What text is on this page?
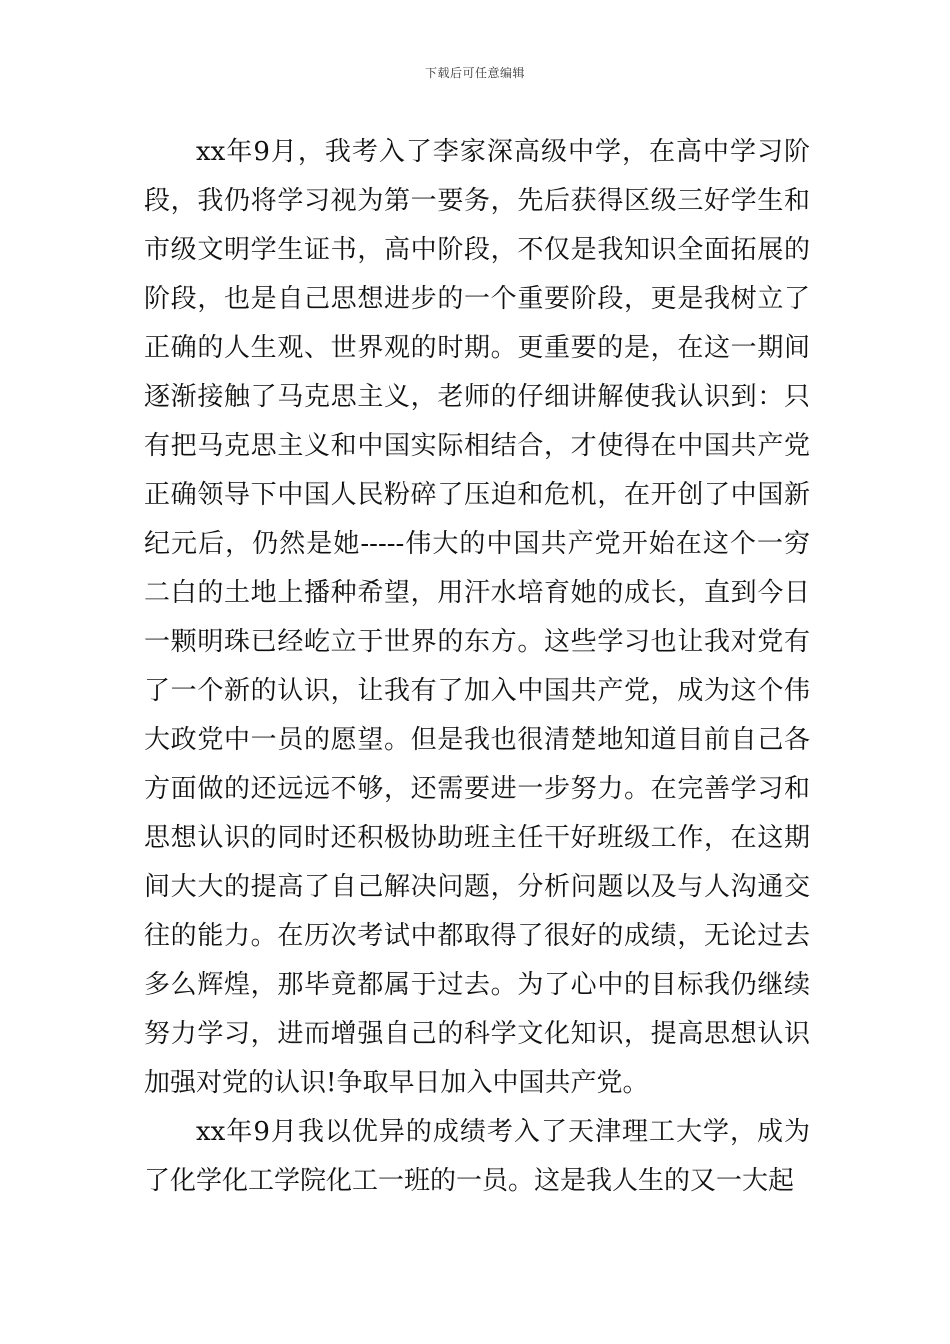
下载后可任意编辑

xx年9月，我考入了李家深高级中学，在高中学习阶段，我仍将学习视为第一要务，先后获得区级三好学生和市级文明学生证书，高中阶段，不仅是我知识全面拓展的阶段，也是自己思想进步的一个重要阶段，更是我树立了正确的人生观、世界观的时期。更重要的是，在这一期间逐渐接触了马克思主义，老师的仔细讲解使我认识到：只有把马克思主义和中国实际相结合，才使得在中国共产党正确领导下中国人民粉碎了压迫和危机，在开创了中国新纪元后，仍然是她-----伟大的中国共产党开始在这个一穷二白的土地上播种希望，用汗水培育她的成长，直到今日一颗明珠已经屹立于世界的东方。这些学习也让我对党有了一个新的认识，让我有了加入中国共产党，成为这个伟大政党中一员的愿望。但是我也很清楚地知道目前自己各方面做的还远远不够，还需要进一步努力。在完善学习和思想认识的同时还积极协助班主任干好班级工作，在这期间大大的提高了自己解决问题，分析问题以及与人沟通交往的能力。在历次考试中都取得了很好的成绩，无论过去多么辉煌，那毕竟都属于过去。为了心中的目标我仍继续努力学习，进而增强自己的科学文化知识，提高思想认识加强对党的认识!争取早日加入中国共产党。

xx年9月我以优异的成绩考入了天津理工大学，成为了化学化工学院化工一班的一员。这是我人生的又一大起
